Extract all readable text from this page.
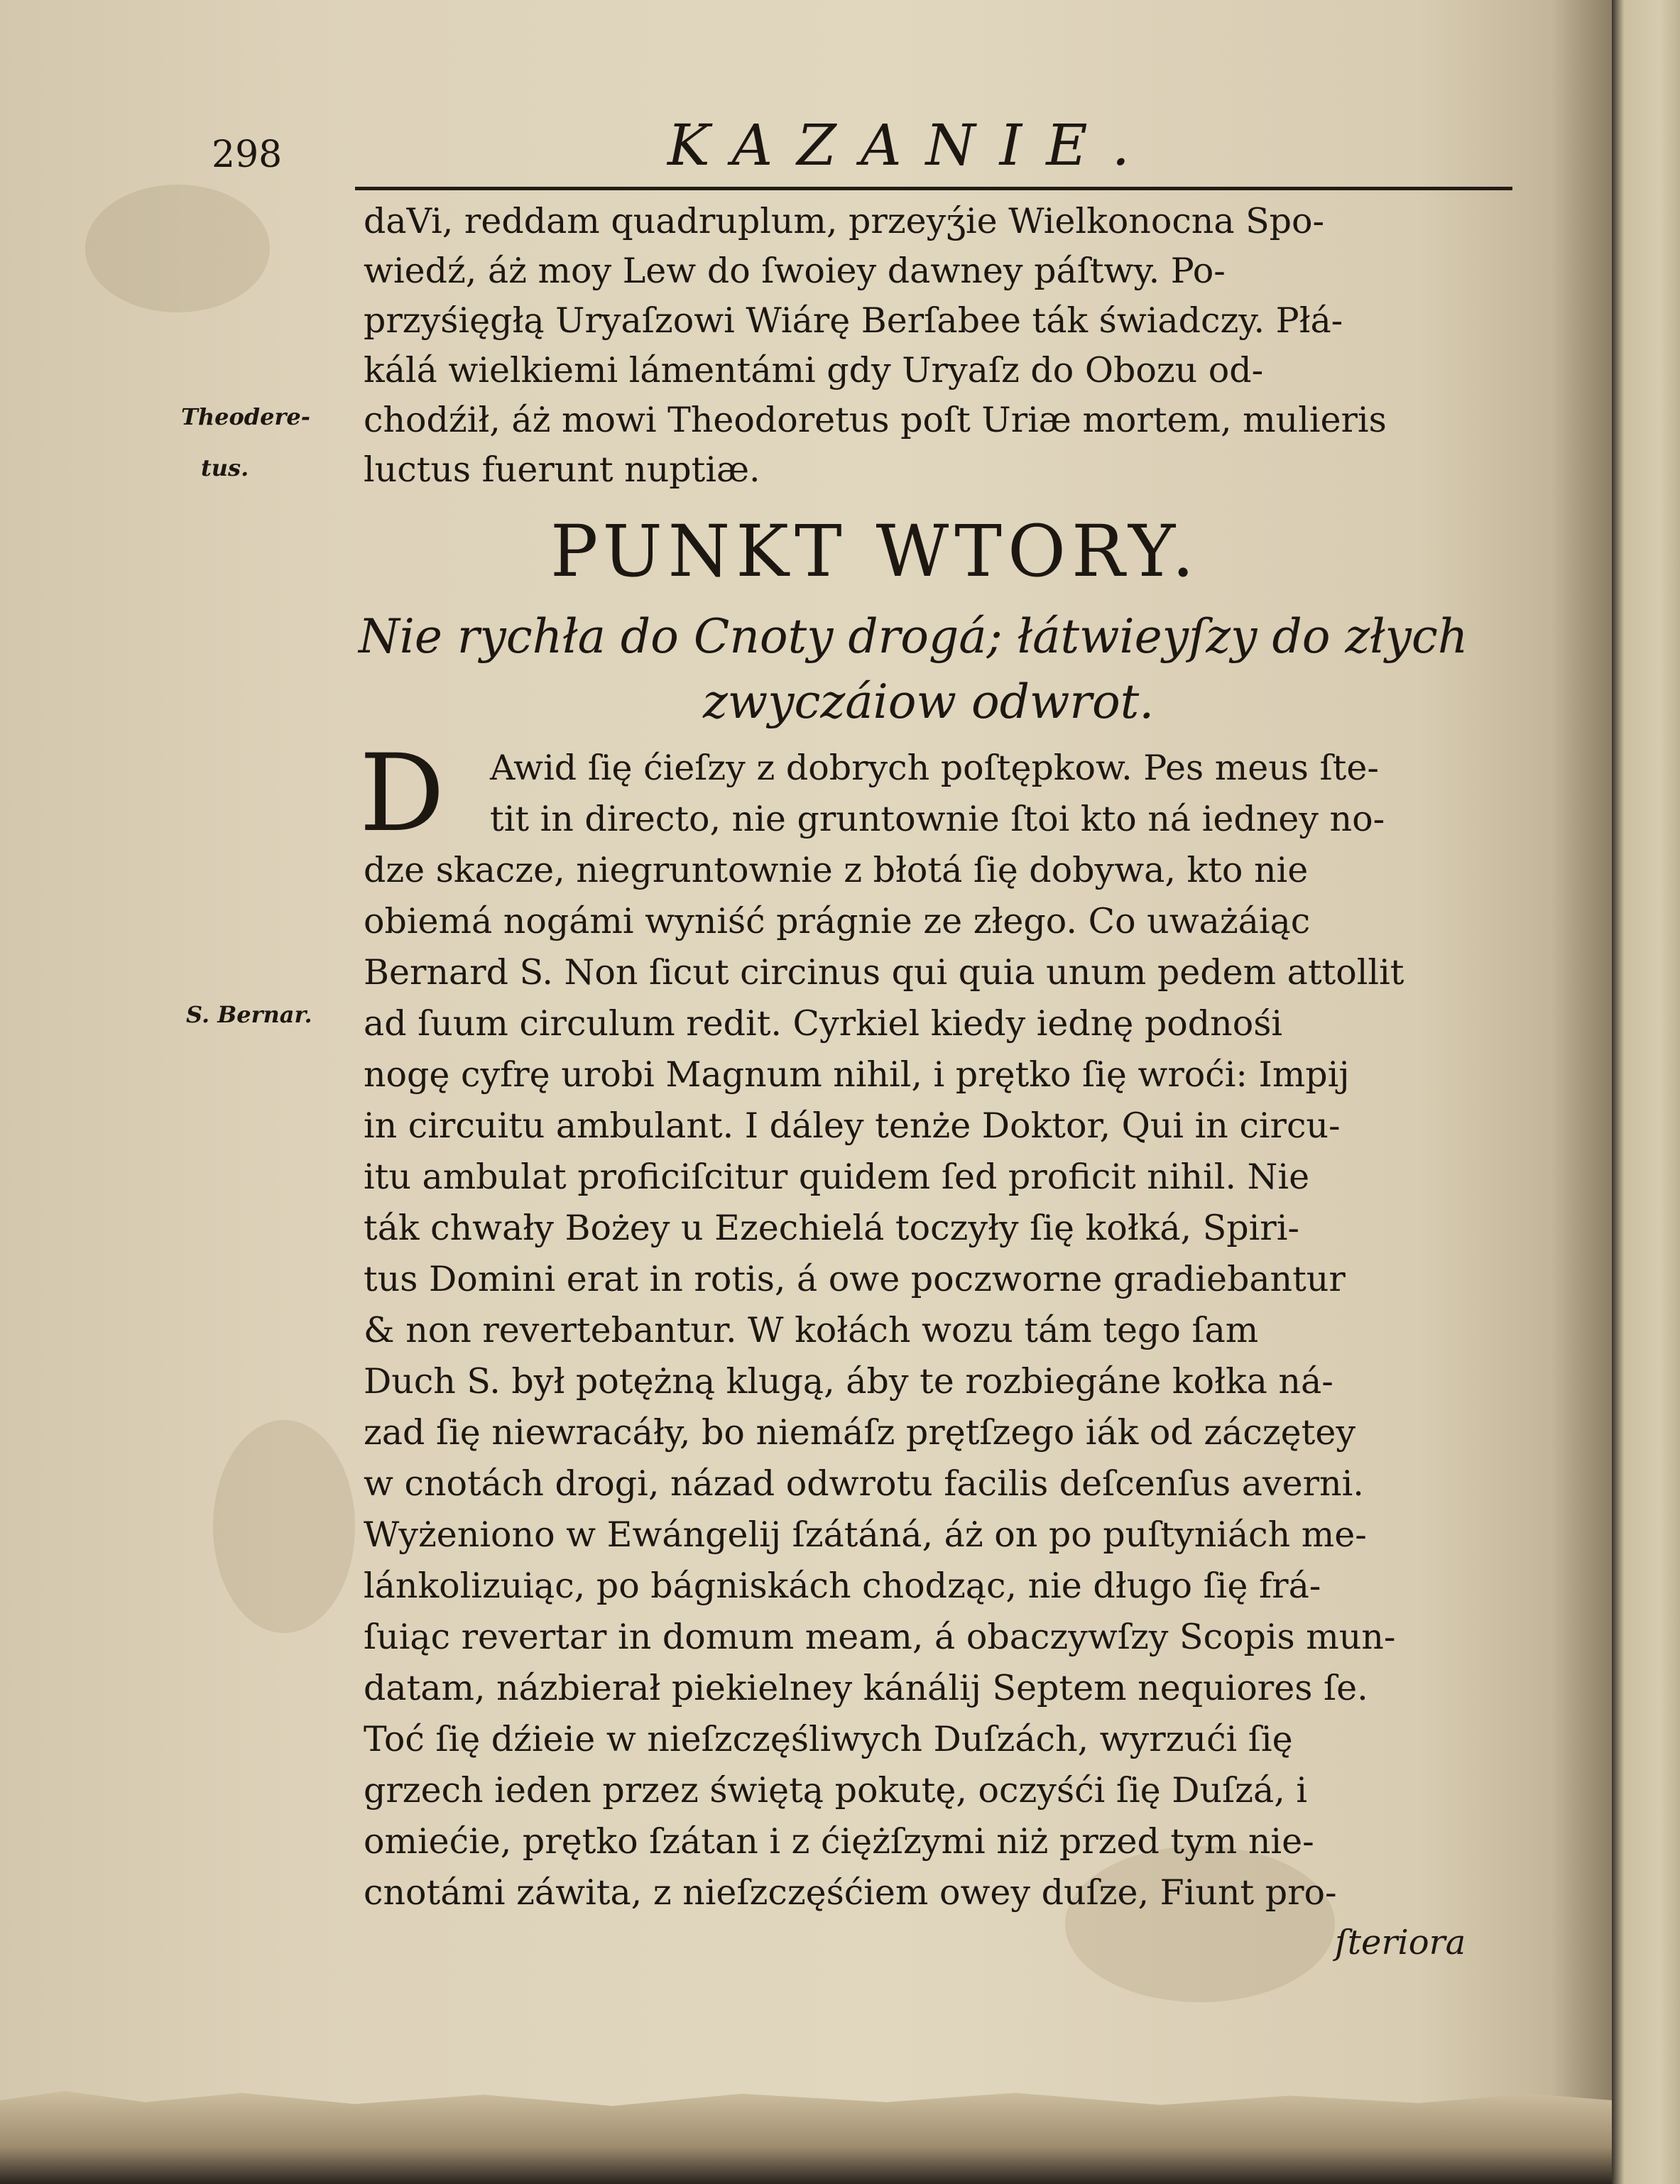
298	KAZANIE.
Theodere-
tus.
S. Bernar.
daVi, reddam quadruplum, przeyʒ́ie Wielkonocna Spo-
wiedź, áż moy Lew do ſwoiey dawney páſtwy. Po-
przyśięgłą Uryaſzowi Wiárę Berſabee ták świadczy. Płá-
kálá wielkiemi lámentámi gdy Uryaſz do Obozu od-
chodźił, áż mowi Theodoretus poſt Uriæ mortem, mulieris
luctus fuerunt nuptiæ.
PUNKT WTORY.
Nie rychła do Cnoty drogá; łátwieyſzy do złych
zwyczáiow odwrot.
D Awid ſię ćieſzy z dobrych poſtępkow. Pes meus ſte-
tit in directo, nie gruntownie ſtoi kto ná iedney no-
dze skacze, niegruntownie z błotá ſię dobywa, kto nie
obiemá nogámi wyniść prágnie ze złego. Co uważáiąc
Bernard S. Non ſicut circinus qui quia unum pedem attollit
ad ſuum circulum redit. Cyrkiel kiedy iednę podnośi
nogę cyfrę urobi Magnum nihil, i prętko ſię wroći: Impij
in circuitu ambulant. I dáley tenże Doktor, Qui in circu-
itu ambulat proficiſcitur quidem ſed proficit nihil. Nie
ták chwały Bożey u Ezechielá toczyły ſię kołká, Spiri-
tus Domini erat in rotis, á owe poczworne gradiebantur
& non revertebantur. W kołách wozu tám tego ſam
Duch S. był potężną klugą, áby te rozbiegáne kołka ná-
zad ſię niewracáły, bo niemáſz prętſzego iák od záczętey
w cnotách drogi, názad odwrotu facilis deſcenſus averni.
Wyżeniono w Ewángelij ſzátáná, áż on po puſtyniách me-
lánkolizuiąc, po bágniskách chodząc, nie długo ſię frá-
ſuiąc revertar in domum meam, á obaczywſzy Scopis mun-
datam, názbierał piekielney kánálij Septem nequiores ſe.
Toć ſię dźieie w nieſzczęśliwych Duſzách, wyrzući ſię
grzech ieden przez świętą pokutę, oczyśći ſię Duſzá, i
omiećie, prętko ſzátan i z ćiężſzymi niż przed tym nie-
cnotámi záwita, z nieſzczęśćiem owey duſze, Fiunt pro-
ſteriora
